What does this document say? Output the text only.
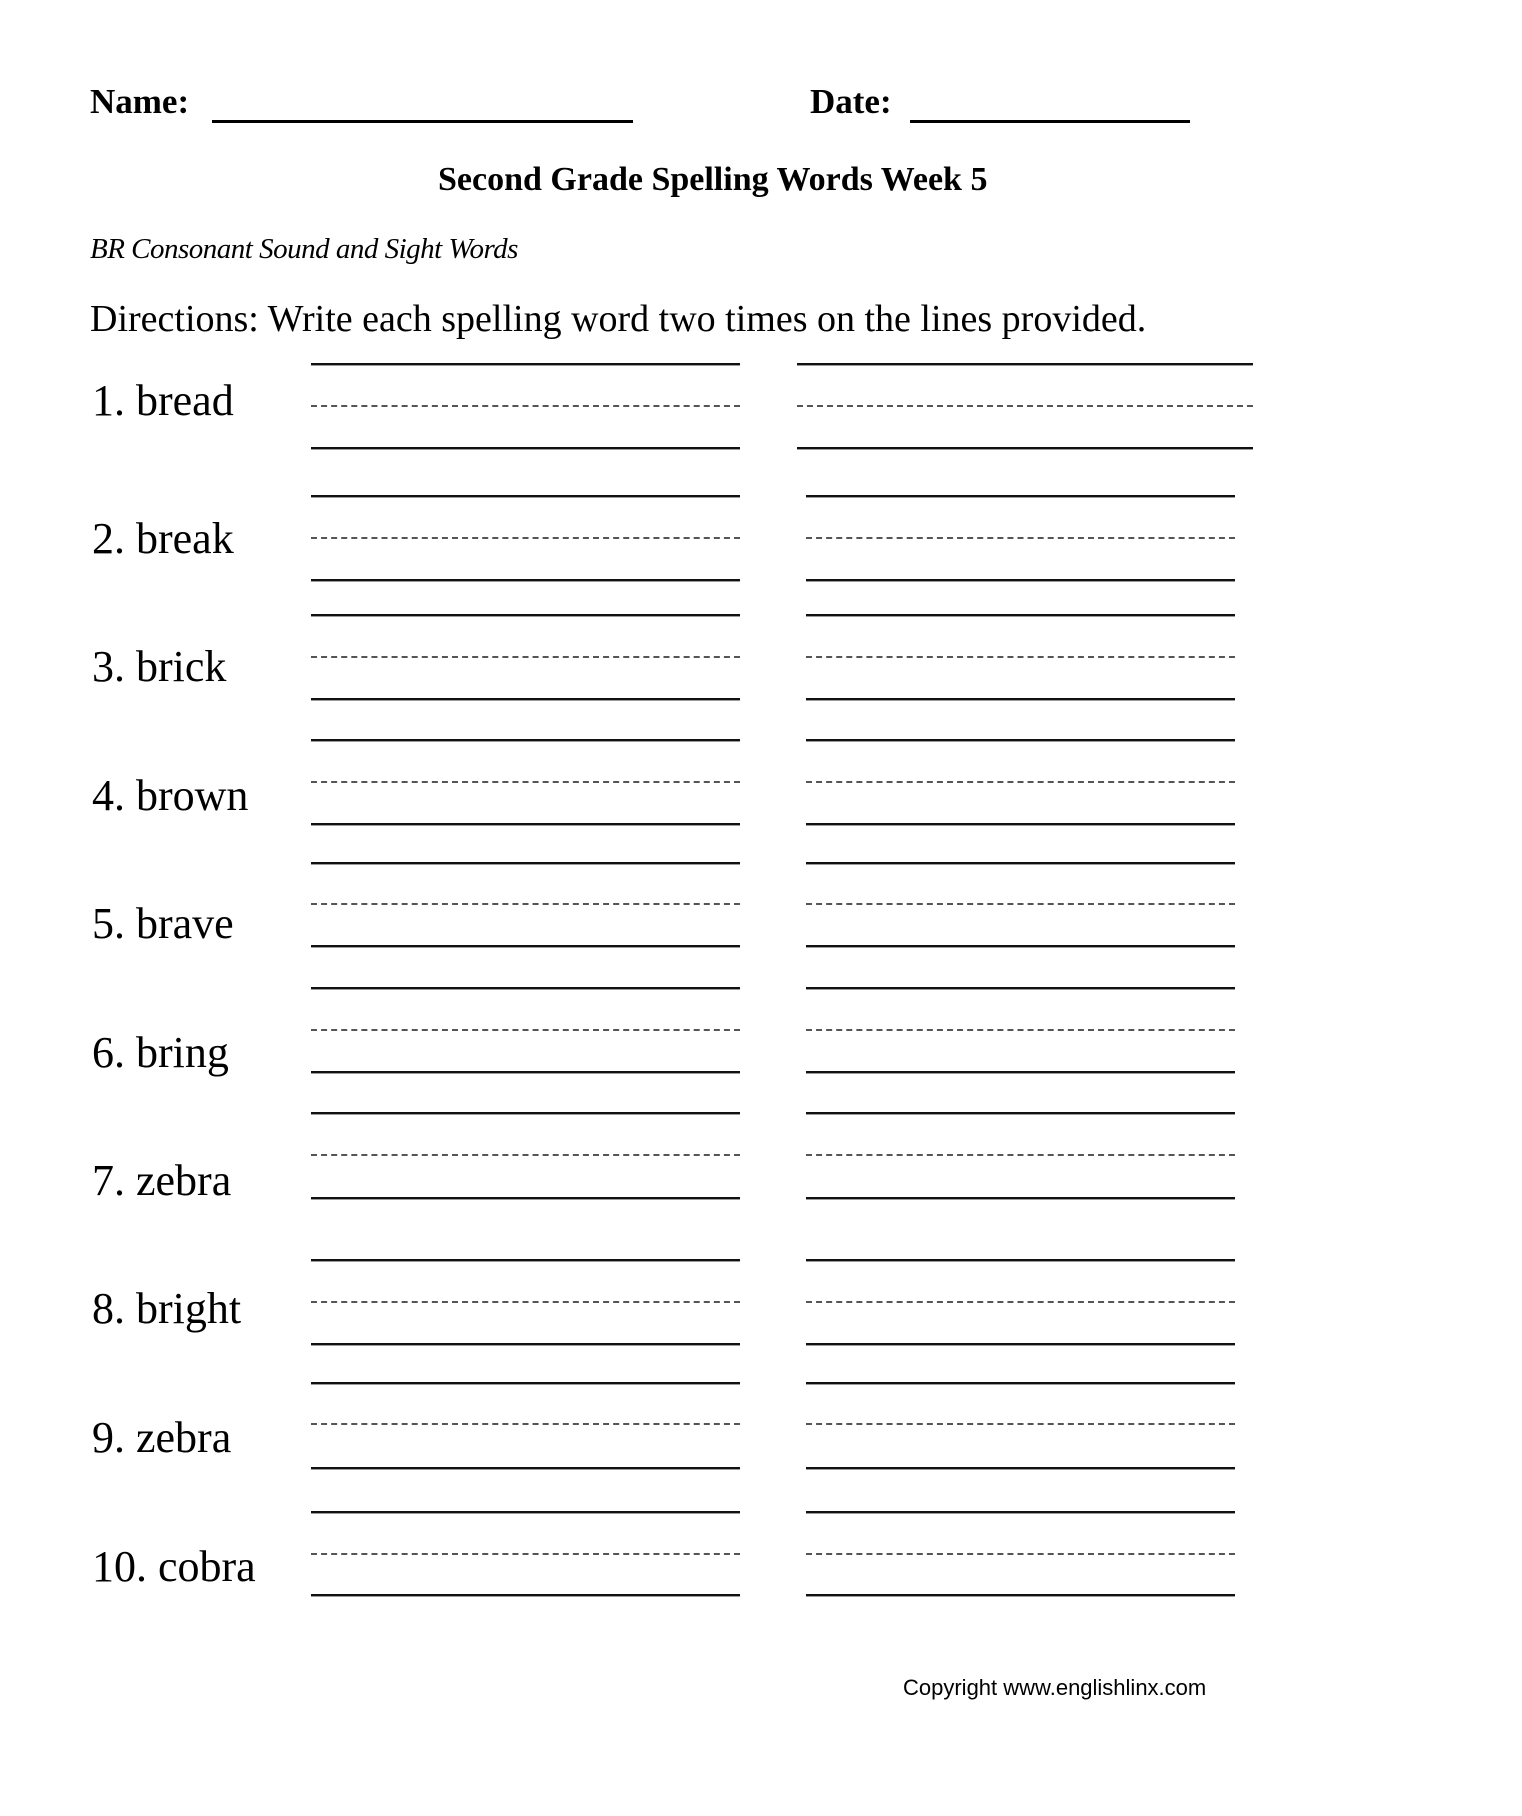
Name:	Date:
Second Grade Spelling Words Week 5
BR Consonant Sound and Sight Words
Directions: Write each spelling word two times on the lines provided.
1. bread
2. break
3. brick
4. brown
5. brave
6. bring
7. zebra
8. bright
9. zebra
10. cobra
Copyright www.englishlinx.com
